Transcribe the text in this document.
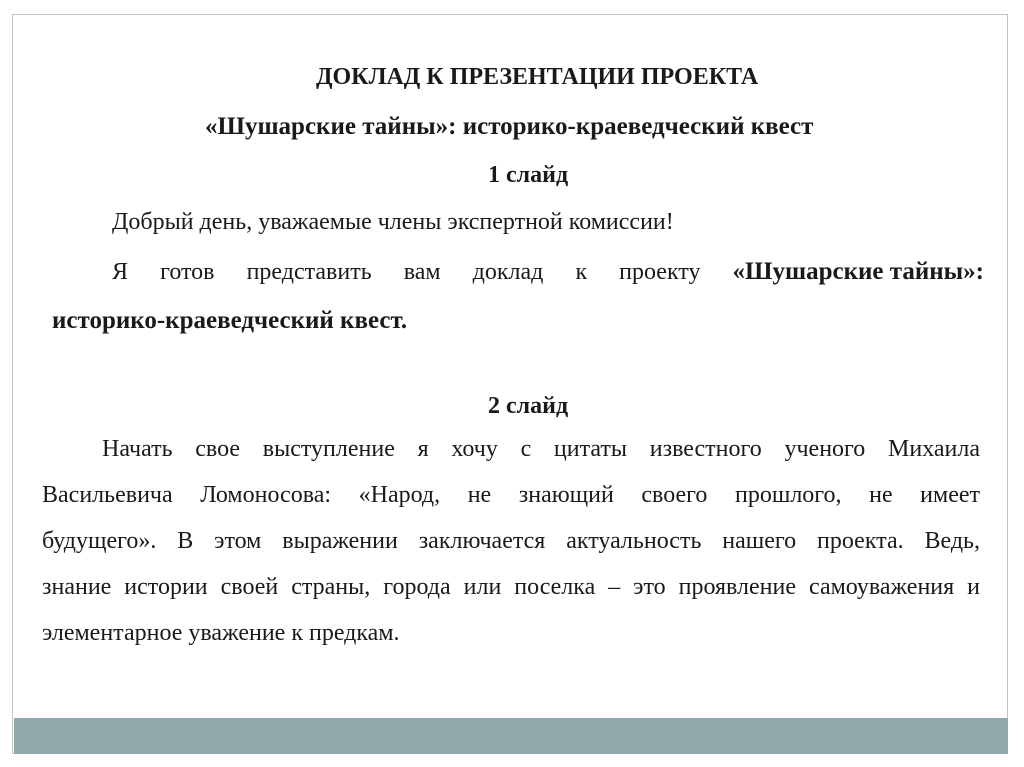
ДОКЛАД К ПРЕЗЕНТАЦИИ ПРОЕКТА
«Шушарские тайны»: историко-краеведческий квест
1 слайд
Добрый день, уважаемые члены экспертной комиссии!
Я готов представить вам доклад к проекту «Шушарские тайны»:
историко-краеведческий квест.
2 слайд
Начать свое выступление я хочу с цитаты известного ученого Михаила
Васильевича Ломоносова: «Народ, не знающий своего прошлого, не имеет
будущего». В этом выражении заключается актуальность нашего проекта. Ведь,
знание истории своей страны, города или поселка – это проявление самоуважения и
элементарное уважение к предкам.
